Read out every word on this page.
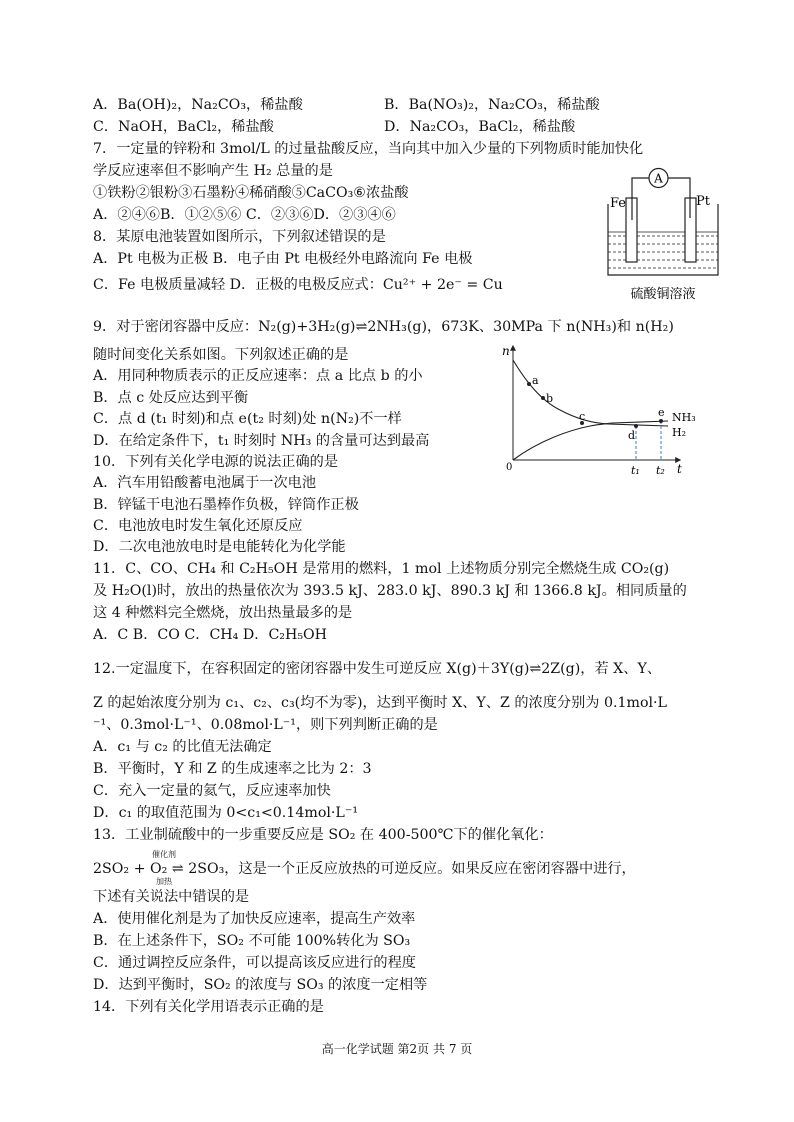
A．Ba(OH)₂，Na₂CO₃，稀盐酸	B．Ba(NO₃)₂，Na₂CO₃，稀盐酸
C．NaOH，BaCl₂，稀盐酸	D．Na₂CO₃，BaCl₂，稀盐酸
7．一定量的锌粉和 3mol/L 的过量盐酸反应，当向其中加入少量的下列物质时能加快化
学反应速率但不影响产生 H₂ 总量的是
①铁粉②银粉③石墨粉④稀硝酸⑤CaCO₃⑥浓盐酸
A．②④⑥B．①②⑤⑥ C．②③⑥D．②③④⑥
8．某原电池装置如图所示，下列叙述错误的是
A．Pt 电极为正极 B．电子由 Pt 电极经外电路流向 Fe 电极
C．Fe 电极质量减轻 D．正极的电极反应式：Cu²⁺ + 2e⁻ = Cu
9．对于密闭容器中反应：N₂(g)+3H₂(g)⇌2NH₃(g)，673K、30MPa 下 n(NH₃)和 n(H₂)
随时间变化关系如图。下列叙述正确的是
A．用同种物质表示的正反应速率：点 a 比点 b 的小
B．点 c 处反应达到平衡
C．点 d (t₁ 时刻)和点 e(t₂ 时刻)处 n(N₂)不一样
D．在给定条件下，t₁ 时刻时 NH₃ 的含量可达到最高
10．下列有关化学电源的说法正确的是
A．汽车用铅酸蓄电池属于一次电池
B．锌锰干电池石墨棒作负极，锌筒作正极
C．电池放电时发生氧化还原反应
D．二次电池放电时是电能转化为化学能
11．C、CO、CH₄ 和 C₂H₅OH 是常用的燃料，1 mol 上述物质分别完全燃烧生成 CO₂(g)
及 H₂O(l)时，放出的热量依次为 393.5 kJ、283.0 kJ、890.3 kJ 和 1366.8 kJ。相同质量的
这 4 种燃料完全燃烧，放出热量最多的是
A．C B．CO C．CH₄ D．C₂H₅OH
12.一定温度下，在容积固定的密闭容器中发生可逆反应 X(g)＋3Y(g)⇌2Z(g)，若 X、Y、
Z 的起始浓度分别为 c₁、c₂、c₃(均不为零)，达到平衡时 X、Y、Z 的浓度分别为 0.1mol·L
⁻¹、0.3mol·L⁻¹、0.08mol·L⁻¹，则下列判断正确的是
A．c₁ 与 c₂ 的比值无法确定
B．平衡时，Y 和 Z 的生成速率之比为 2：3
C．充入一定量的氦气，反应速率加快
D．c₁ 的取值范围为 0<c₁<0.14mol·L⁻¹
13．工业制硫酸中的一步重要反应是 SO₂ 在 400-500℃下的催化氧化：
2SO₂ + O₂ ⇌ 2SO₃，这是一个正反应放热的可逆反应。如果反应在密闭容器中进行，
下述有关说法中错误的是
A．使用催化剂是为了加快反应速率，提高生产效率
B．在上述条件下，SO₂ 不可能 100%转化为 SO₃
C．通过调控反应条件，可以提高该反应进行的程度
D．达到平衡时，SO₂ 的浓度与 SO₃ 的浓度一定相等
14．下列有关化学用语表示正确的是
催化剂
加热
A
Fe	Pt
硫酸铜溶液
n
t
0
a
b
c
d
e NH₃
H₂
t₁ t₂
高一化学试题 第2页 共 7 页
